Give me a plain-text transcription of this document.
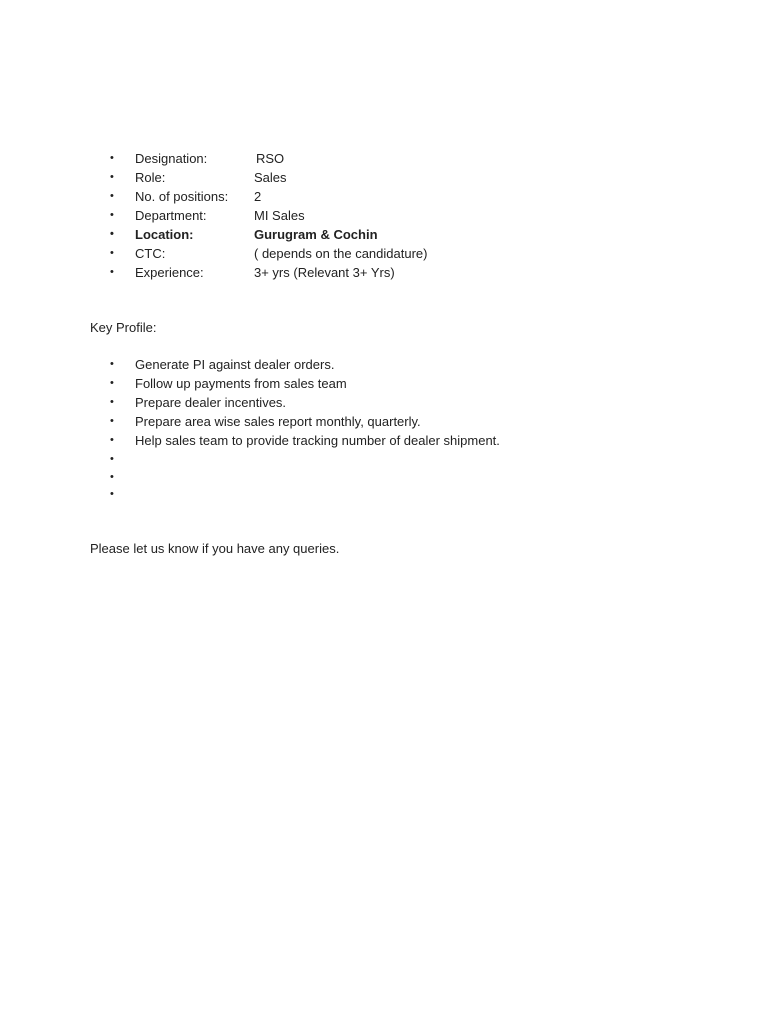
•	Designation:	RSO
•	Role:	Sales
•	No. of positions: 2
•	Department:	MI Sales
•	Location:	Gurugram & Cochin
•	CTC:	( depends on the candidature)
•	Experience:	3+ yrs (Relevant 3+ Yrs)
Key Profile:
•	Generate PI against dealer orders.
•	Follow up payments from sales team
•	Prepare dealer incentives.
•	Prepare area wise sales report monthly, quarterly.
•	Help sales team to provide tracking number of dealer shipment.
•
•
•
Please let us know if you have any queries.
